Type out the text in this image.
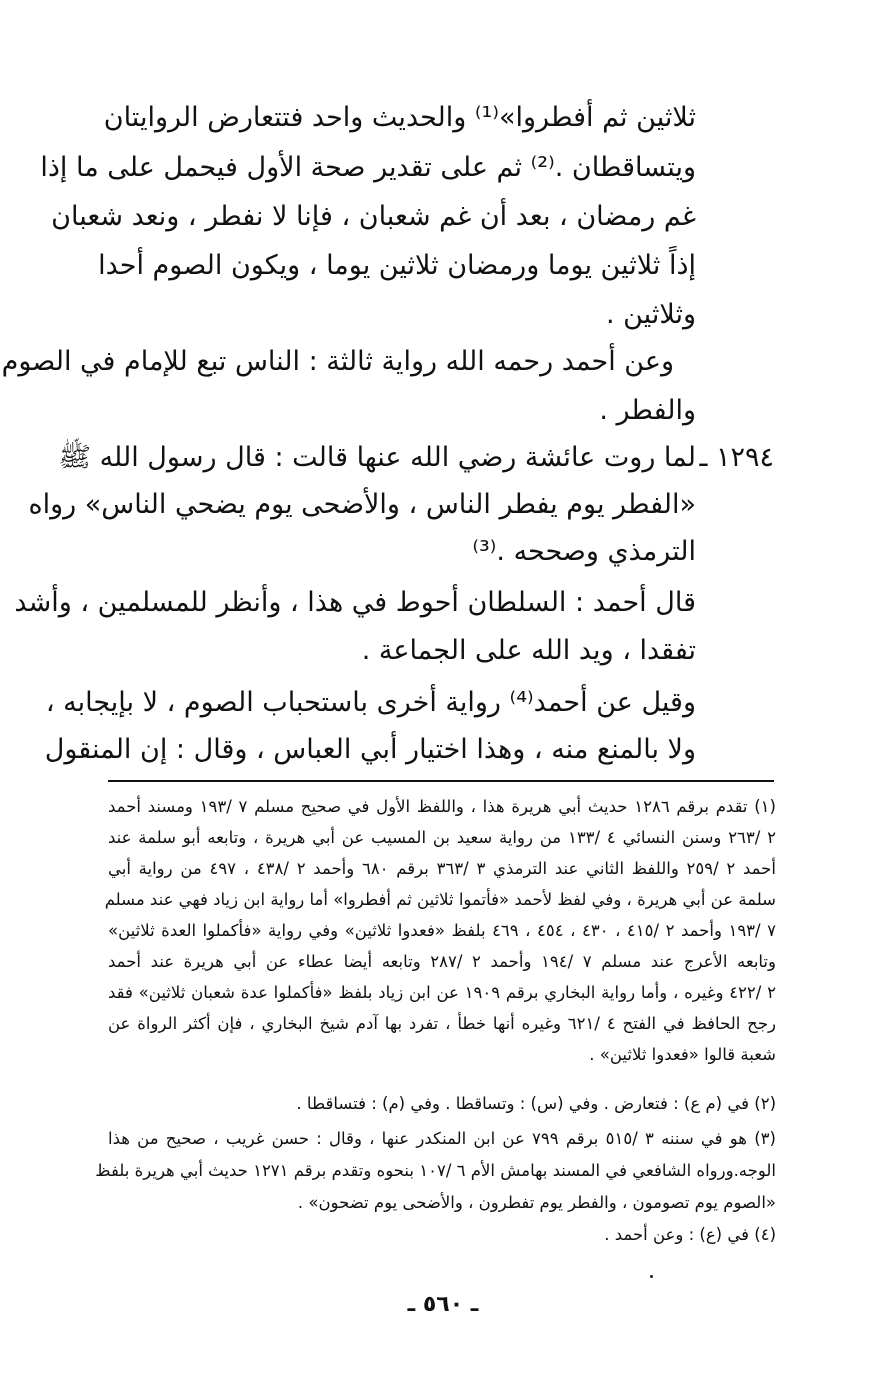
ثلاثين ثم أفطروا»⁽¹⁾ والحديث واحد فتتعارض الروايتان
ويتساقطان .⁽²⁾ ثم على تقدير صحة الأول فيحمل على ما إذا
غم رمضان ، بعد أن غم شعبان ، فإنا لا نفطر ، ونعد شعبان
إذاً ثلاثين يوما ورمضان ثلاثين يوما ، ويكون الصوم أحدا
وثلاثين .
وعن أحمد رحمه الله رواية ثالثة : الناس تبع للإمام في الصوم
والفطر .
١٢٩٤ ـ
لما روت عائشة رضي الله عنها قالت : قال رسول الله ﷺ
«الفطر يوم يفطر الناس ، والأضحى يوم يضحي الناس» رواه
الترمذي وصححه .⁽³⁾
قال أحمد : السلطان أحوط في هذا ، وأنظر للمسلمين ، وأشد
تفقدا ، ويد الله على الجماعة .
وقيل عن أحمد⁽⁴⁾ رواية أخرى باستحباب الصوم ، لا بإيجابه ،
ولا بالمنع منه ، وهذا اختيار أبي العباس ، وقال : إن المنقول
(١) تقدم برقم ١٢٨٦ حديث أبي هريرة هذا ، واللفظ الأول في صحيح مسلم ٧ /١٩٣ ومسند أحمد
٢ /٢٦٣ وسنن النسائي ٤ /١٣٣ من رواية سعيد بن المسيب عن أبي هريرة ، وتابعه أبو سلمة عند
أحمد ٢ /٢٥٩ واللفظ الثاني عند الترمذي ٣ /٣٦٣ برقم ٦٨٠ وأحمد ٢ /٤٣٨ ، ٤٩٧ من رواية أبي
سلمة عن أبي هريرة ، وفي لفظ لأحمد «فأتموا ثلاثين ثم أفطروا» أما رواية ابن زياد فهي عند مسلم
٧ /١٩٣ وأحمد ٢ /٤١٥ ، ٤٣٠ ، ٤٥٤ ، ٤٦٩ بلفظ «فعدوا ثلاثين» وفي رواية «فأكملوا العدة ثلاثين»
وتابعه الأعرج عند مسلم ٧ /١٩٤ وأحمد ٢ /٢٨٧ وتابعه أيضا عطاء عن أبي هريرة عند أحمد
٢ /٤٢٢ وغيره ، وأما رواية البخاري برقم ١٩٠٩ عن ابن زياد بلفظ «فأكملوا عدة شعبان ثلاثين» فقد
رجح الحافظ في الفتح ٤ /٦٢١ وغيره أنها خطأ ، تفرد بها آدم شيخ البخاري ، فإن أكثر الرواة عن
شعبة قالوا «فعدوا ثلاثين» .
(٢) في (م ع) : فتعارض . وفي (س) : وتساقطا . وفي (م) : فتساقطا .
(٣) هو في سننه ٣ /٥١٥ برقم ٧٩٩ عن ابن المنكدر عنها ، وقال : حسن غريب ، صحيح من هذا
الوجه.ورواه الشافعي في المسند بهامش الأم ٦ /١٠٧ بنحوه وتقدم برقم ١٢٧١ حديث أبي هريرة بلفظ
«الصوم يوم تصومون ، والفطر يوم تفطرون ، والأضحى يوم تضحون» .
(٤) في (ع) : وعن أحمد .
ـ ٥٦٠ ـ
